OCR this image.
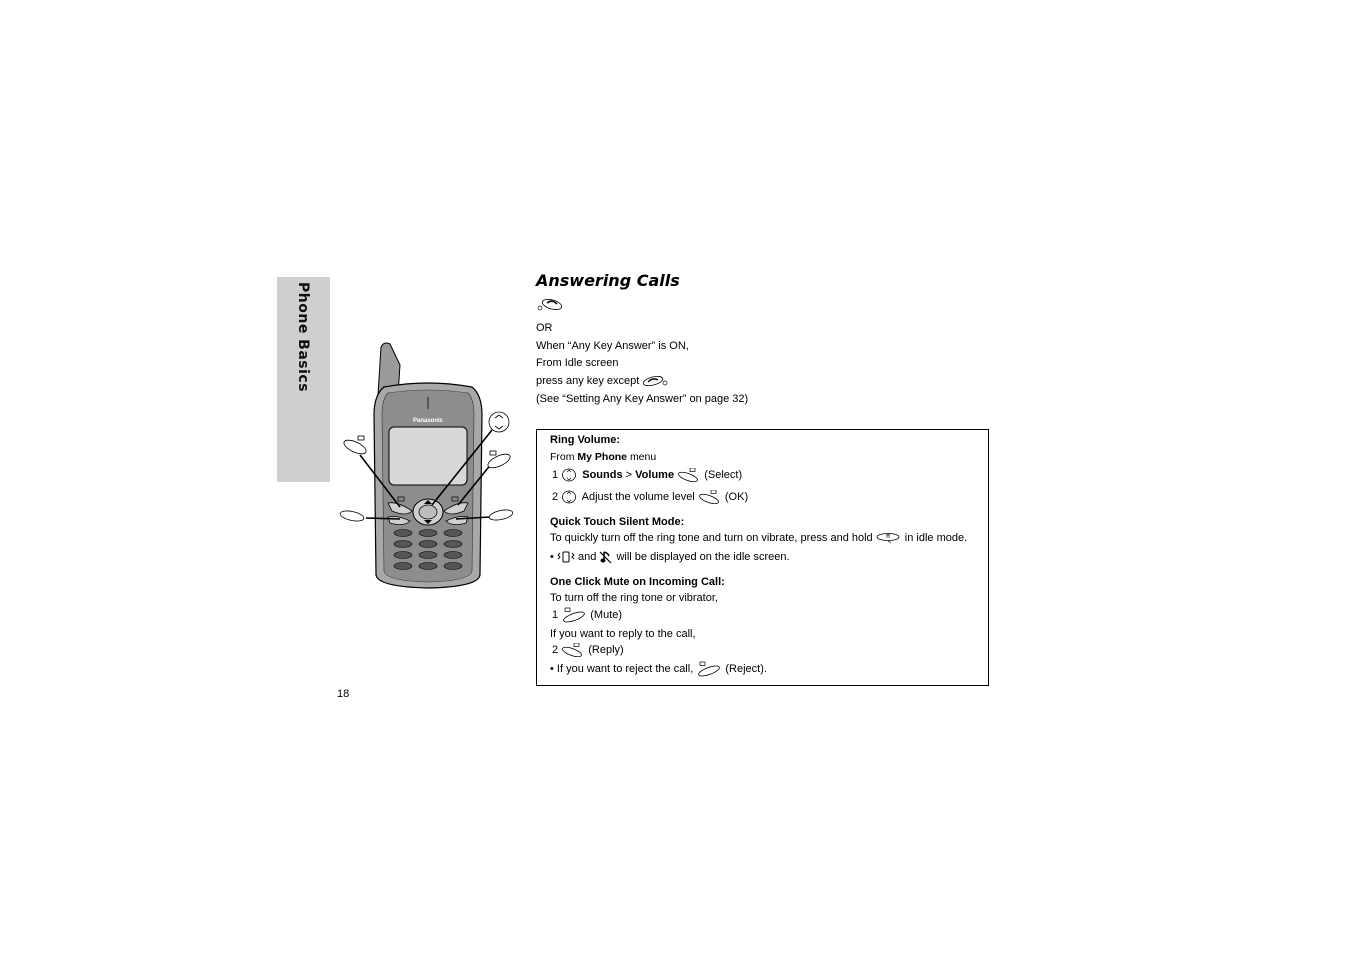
Phone Basics
Panasonic
18
Answering Calls
OR
When “Any Key Answer” is ON,
From Idle screen
press any key except
(See “Setting Any Key Answer” on page 32)
Ring Volume:
From My Phone menu
1 Sounds > Volume	(Select)
2 Adjust the volume level	(OK)
Quick Touch Silent Mode:
To quickly turn off the ring tone and turn on vibrate, press and hold	in idle mode.
• and will be displayed on the idle screen.
One Click Mute on Incoming Call:
To turn off the ring tone or vibrator,
1	(Mute)
If you want to reply to the call,
2	(Reply)
• If you want to reject the call,	(Reject).
